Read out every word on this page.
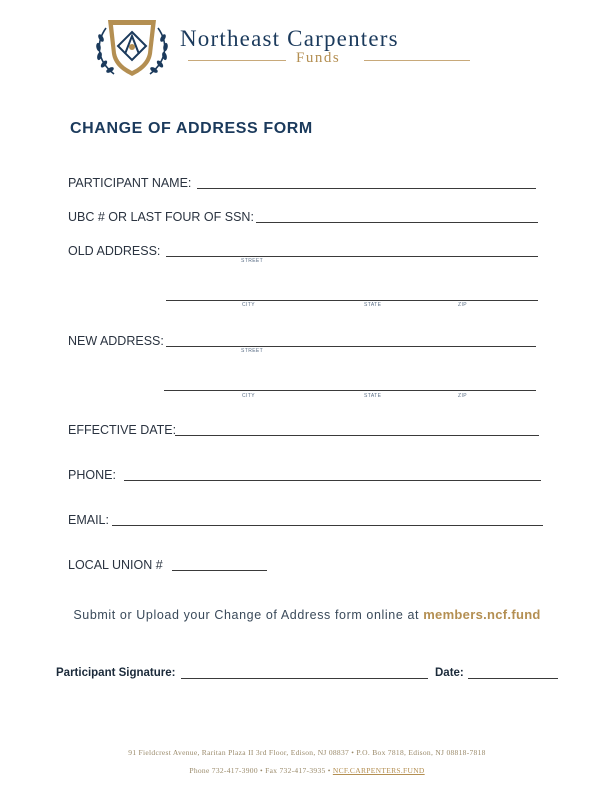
Northeast Carpenters
Funds
CHANGE OF ADDRESS FORM
PARTICIPANT NAME:
UBC # OR LAST FOUR OF SSN:
OLD ADDRESS:
STREET
CITY	STATE	ZIP
NEW ADDRESS:
STREET
CITY	STATE	ZIP
EFFECTIVE DATE:
PHONE:
EMAIL:
LOCAL UNION #
Submit or Upload your Change of Address form online at members.ncf.fund
Participant Signature:	Date:
91 Fieldcrest Avenue, Raritan Plaza II 3rd Floor, Edison, NJ 08837 • P.O. Box 7818, Edison, NJ 08818-7818
Phone 732-417-3900 • Fax 732-417-3935 • NCF.CARPENTERS.FUND
